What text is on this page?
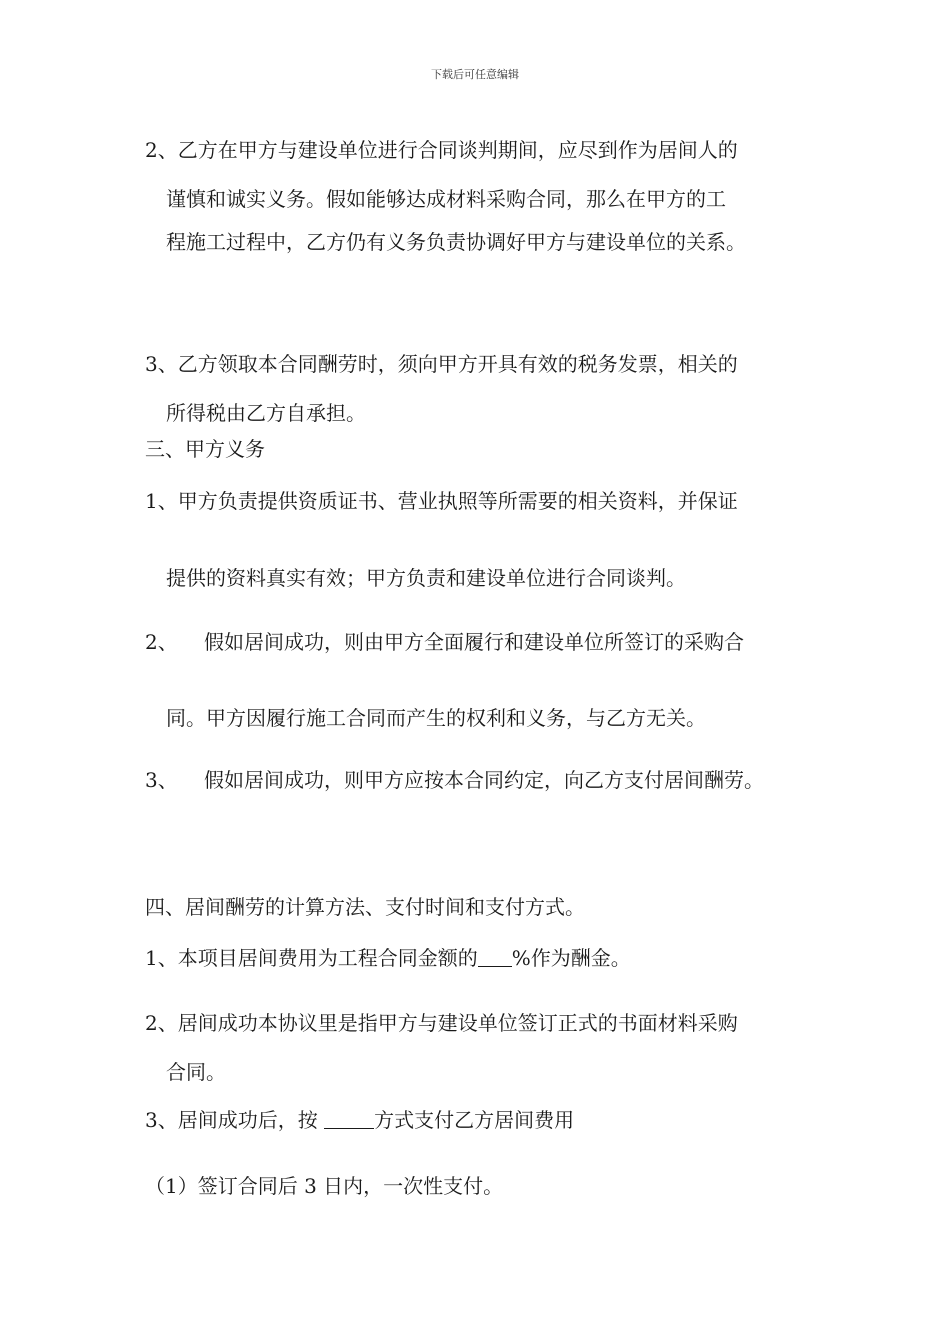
下载后可任意编辑
2、乙方在甲方与建设单位进行合同谈判期间，应尽到作为居间人的
谨慎和诚实义务。假如能够达成材料采购合同，那么在甲方的工
程施工过程中，乙方仍有义务负责协调好甲方与建设单位的关系。
3、乙方领取本合同酬劳时，须向甲方开具有效的税务发票，相关的
所得税由乙方自承担。
三、甲方义务
1、甲方负责提供资质证书、营业执照等所需要的相关资料，并保证
提供的资料真实有效；甲方负责和建设单位进行合同谈判。
2、 假如居间成功，则由甲方全面履行和建设单位所签订的采购合
同。甲方因履行施工合同而产生的权利和义务，与乙方无关。
3、 假如居间成功，则甲方应按本合同约定，向乙方支付居间酬劳。
四、居间酬劳的计算方法、支付时间和支付方式。
1、本项目居间费用为工程合同金额的 %作为酬金。
2、居间成功本协议里是指甲方与建设单位签订正式的书面材料采购
合同。
3、居间成功后，按	方式支付乙方居间费用
（1）签订合同后 3 日内，一次性支付。
